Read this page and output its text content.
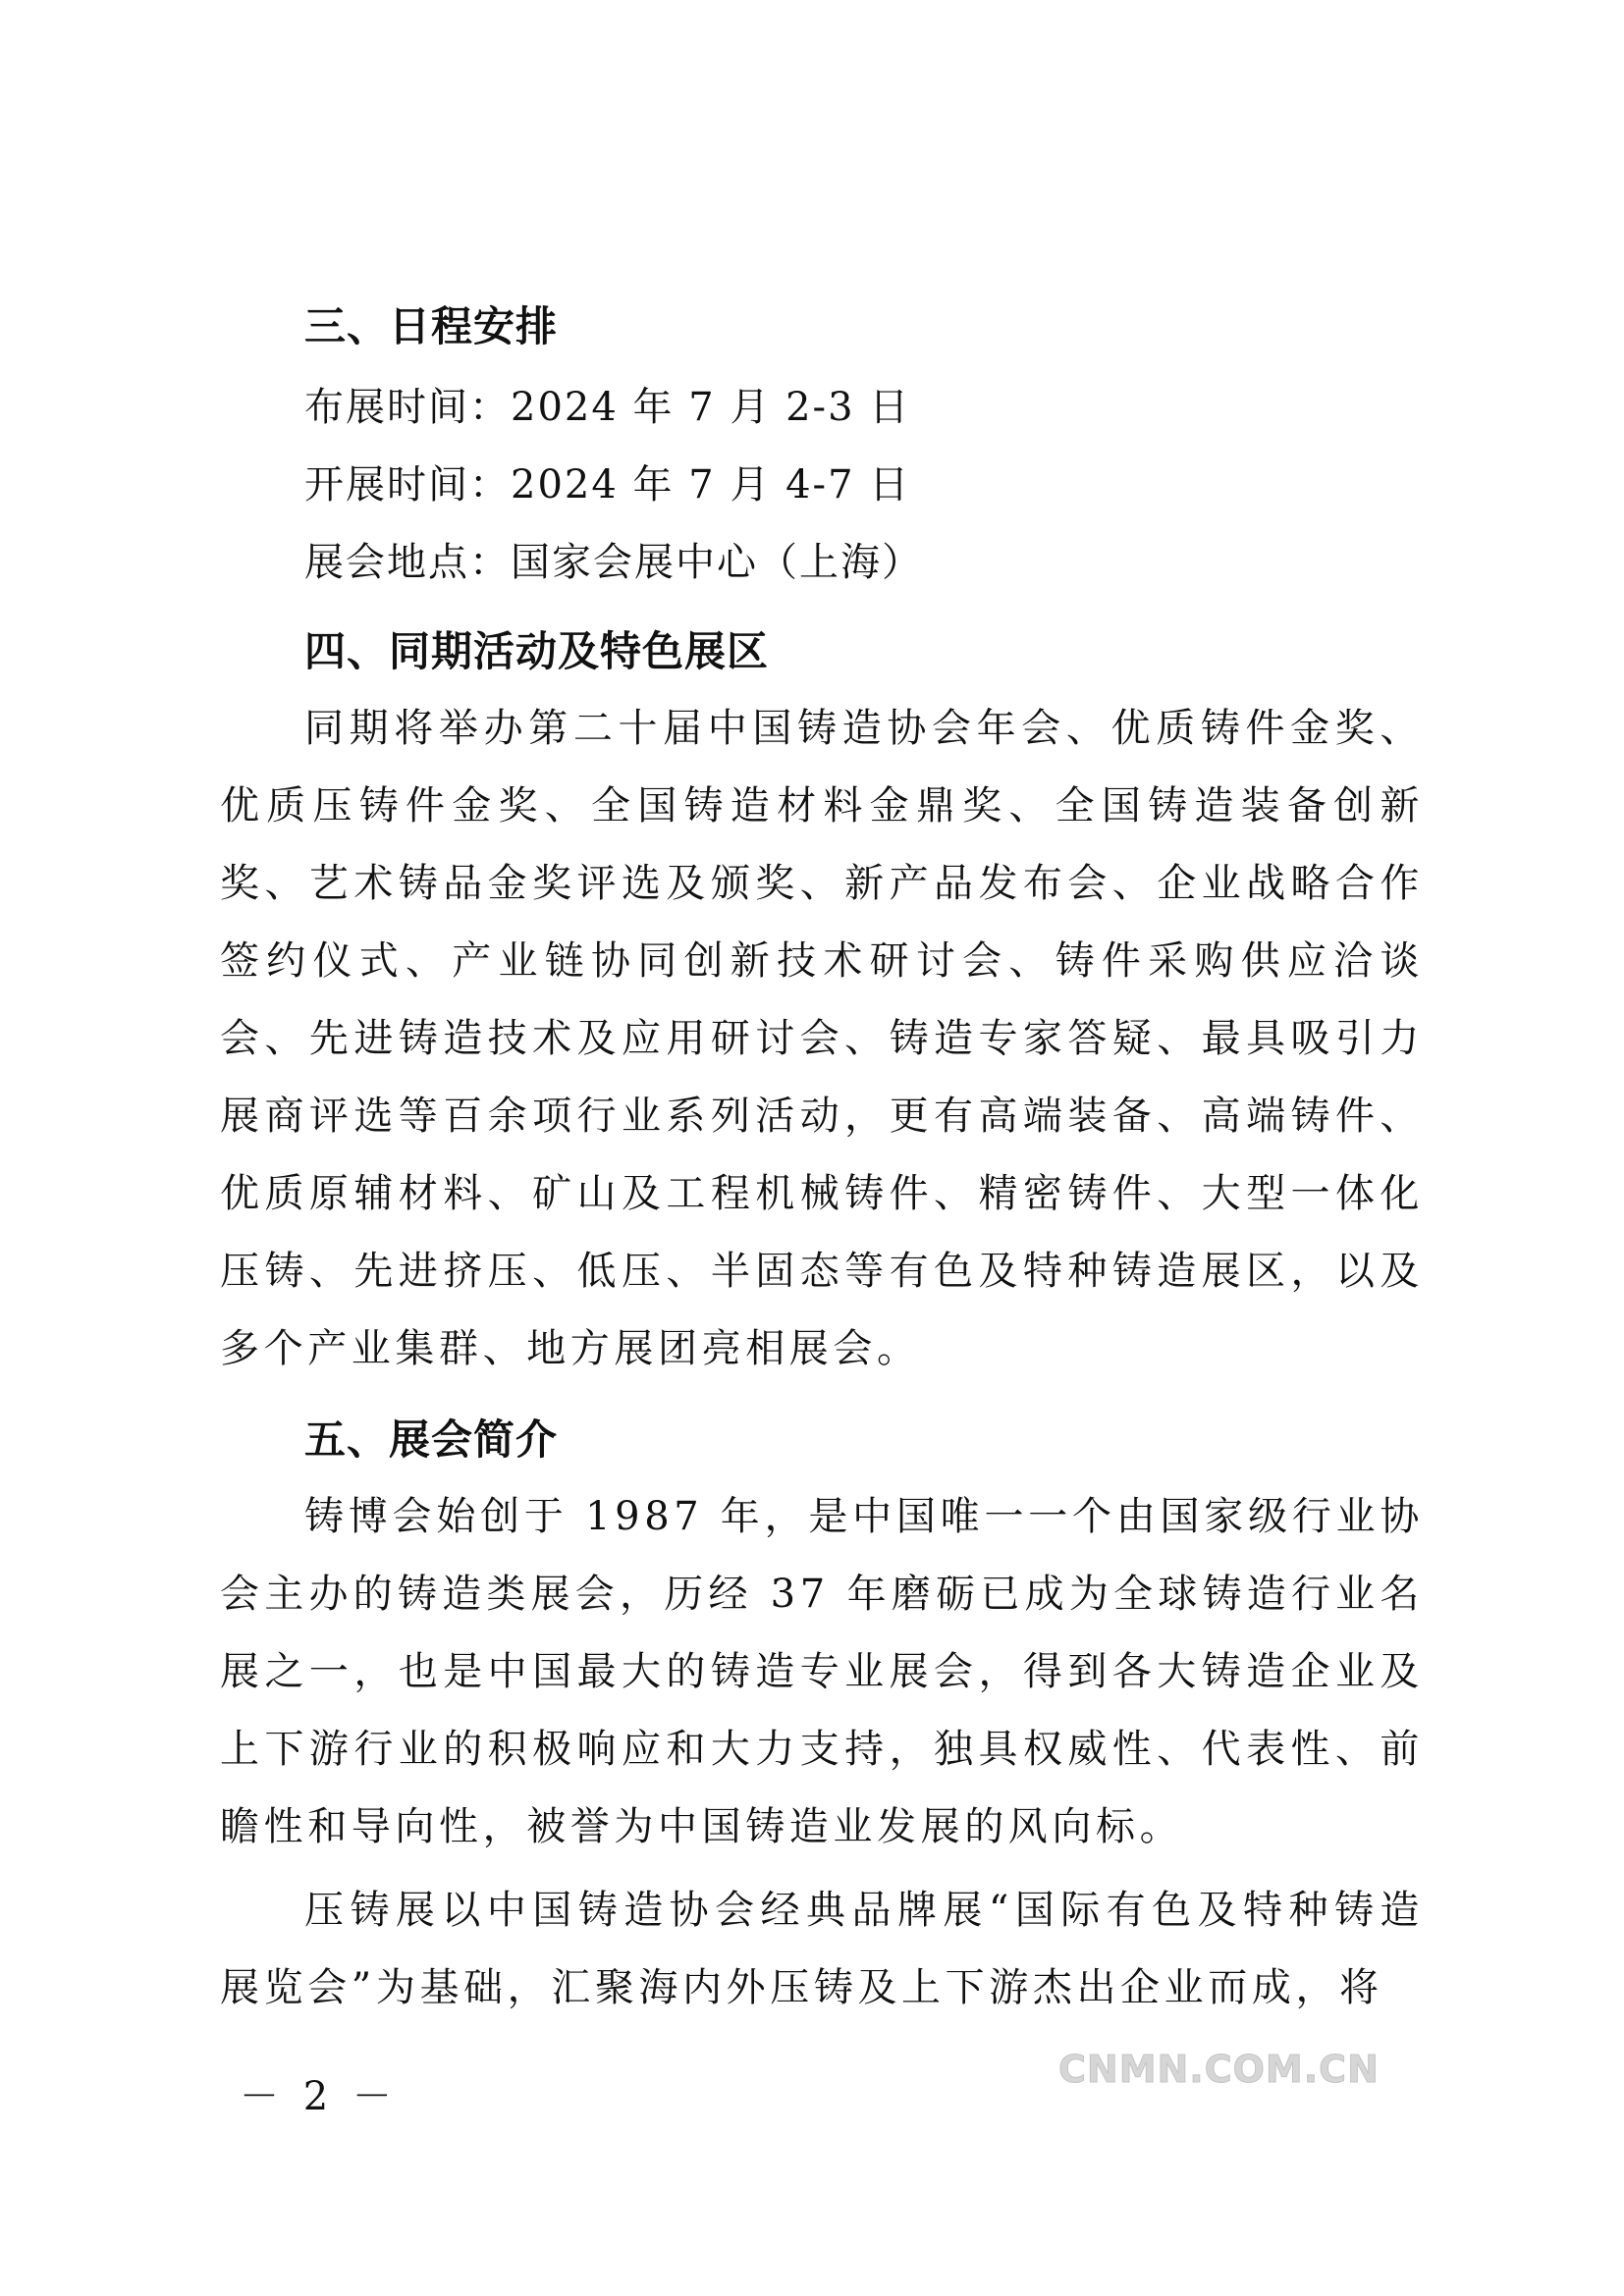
三、日程安排

布展时间：2024 年 7 月 2-3 日

开展时间：2024 年 7 月 4-7 日

展会地点：国家会展中心（上海）

四、同期活动及特色展区

同期将举办第二十届中国铸造协会年会、优质铸件金奖、优质压铸件金奖、全国铸造材料金鼎奖、全国铸造装备创新奖、艺术铸品金奖评选及颁奖、新产品发布会、企业战略合作签约仪式、产业链协同创新技术研讨会、铸件采购供应洽谈会、先进铸造技术及应用研讨会、铸造专家答疑、最具吸引力展商评选等百余项行业系列活动，更有高端装备、高端铸件、优质原辅材料、矿山及工程机械铸件、精密铸件、大型一体化压铸、先进挤压、低压、半固态等有色及特种铸造展区，以及多个产业集群、地方展团亮相展会。

五、展会简介

铸博会始创于 1987 年，是中国唯一一个由国家级行业协会主办的铸造类展会，历经 37 年磨砺已成为全球铸造行业名展之一，也是中国最大的铸造专业展会，得到各大铸造企业及上下游行业的积极响应和大力支持，独具权威性、代表性、前瞻性和导向性，被誉为中国铸造业发展的风向标。

压铸展以中国铸造协会经典品牌展“国际有色及特种铸造展览会”为基础，汇聚海内外压铸及上下游杰出企业而成，将

－ 2 －
CNMN.COM.CN
